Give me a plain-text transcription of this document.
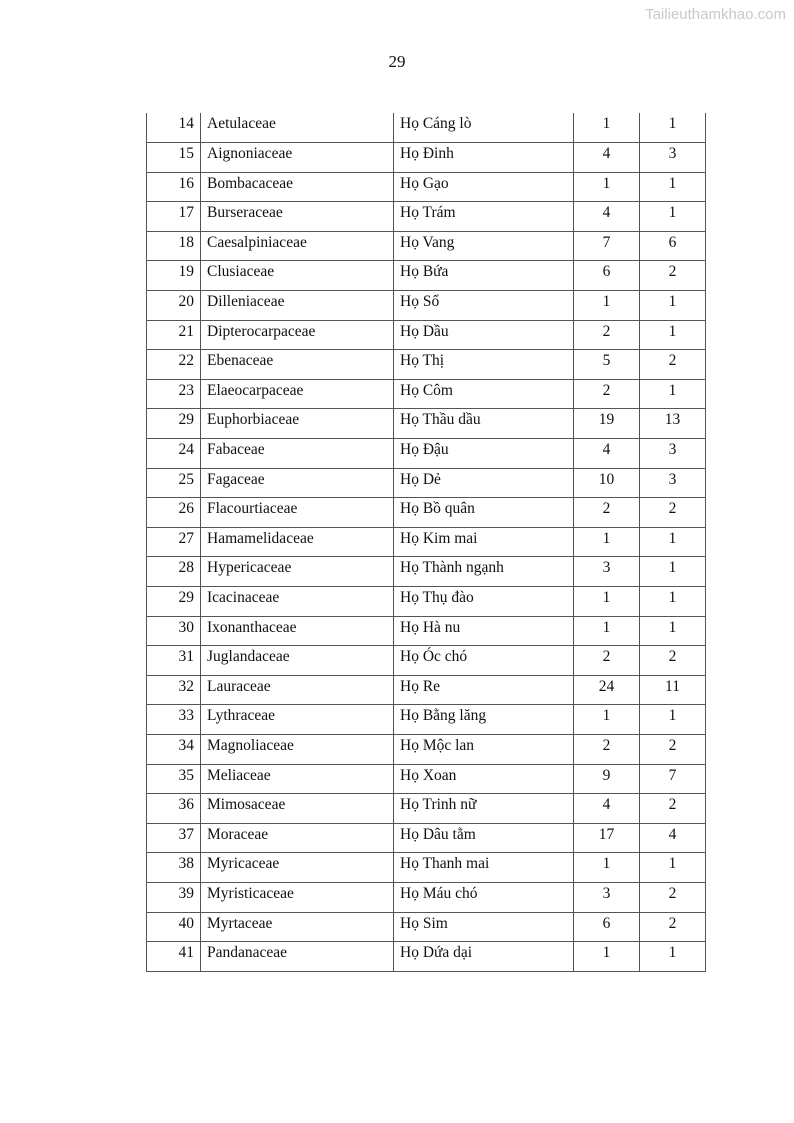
Tailieuthamkhao.com
29
14	Aetulaceae	Họ Cáng lò	1	1
15	Aignoniaceae	Họ Đinh	4	3
16	Bombacaceae	Họ Gạo	1	1
17	Burseraceae	Họ Trám	4	1
18	Caesalpiniaceae	Họ Vang	7	6
19	Clusiaceae	Họ Bứa	6	2
20	Dilleniaceae	Họ Sổ	1	1
21	Dipterocarpaceae	Họ Dầu	2	1
22	Ebenaceae	Họ Thị	5	2
23	Elaeocarpaceae	Họ Côm	2	1
29	Euphorbiaceae	Họ Thầu dầu	19	13
24	Fabaceae	Họ Đậu	4	3
25	Fagaceae	Họ Dẻ	10	3
26	Flacourtiaceae	Họ Bồ quân	2	2
27	Hamamelidaceae	Họ Kim mai	1	1
28	Hypericaceae	Họ Thành ngạnh	3	1
29	Icacinaceae	Họ Thụ đào	1	1
30	Ixonanthaceae	Họ Hà nu	1	1
31	Juglandaceae	Họ Óc chó	2	2
32	Lauraceae	Họ Re	24	11
33	Lythraceae	Họ Bằng lăng	1	1
34	Magnoliaceae	Họ Mộc lan	2	2
35	Meliaceae	Họ Xoan	9	7
36	Mimosaceae	Họ Trinh nữ	4	2
37	Moraceae	Họ Dâu tằm	17	4
38	Myricaceae	Họ Thanh mai	1	1
39	Myristicaceae	Họ Máu chó	3	2
40	Myrtaceae	Họ Sim	6	2
41	Pandanaceae	Họ Dứa dại	1	1
